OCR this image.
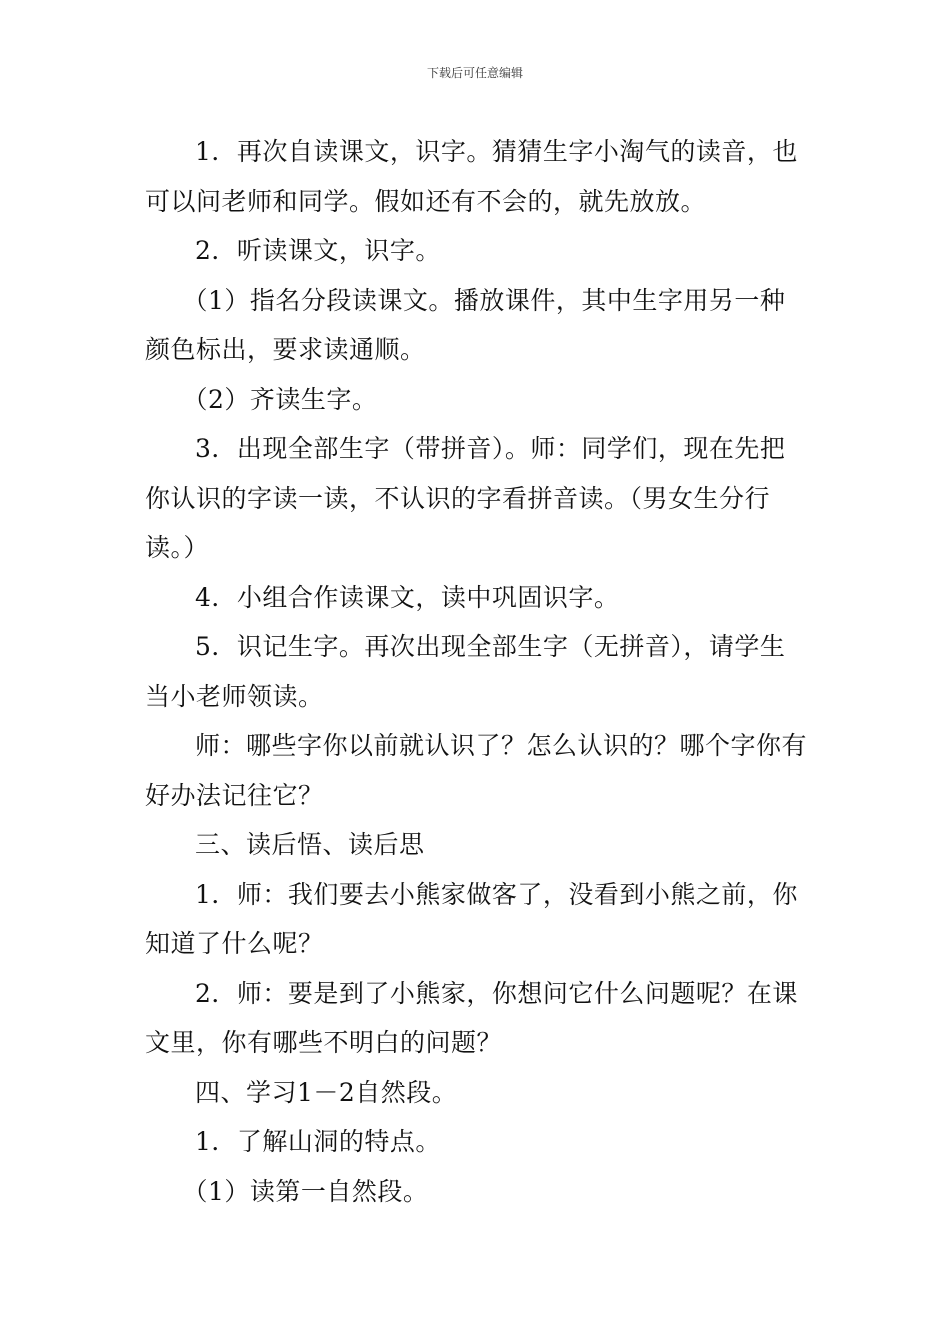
下载后可任意编辑

1．再次自读课文，识字。猜猜生字小淘气的读音，也可以问老师和同学。假如还有不会的，就先放放。

2．听读课文，识字。

（1）指名分段读课文。播放课件，其中生字用另一种颜色标出，要求读通顺。

（2）齐读生字。

3．出现全部生字（带拼音）。师：同学们，现在先把你认识的字读一读，不认识的字看拼音读。（男女生分行读。）

4．小组合作读课文，读中巩固识字。

5．识记生字。再次出现全部生字（无拼音），请学生当小老师领读。

师：哪些字你以前就认识了？怎么认识的？哪个字你有好办法记往它？

三、读后悟、读后思

1．师：我们要去小熊家做客了，没看到小熊之前，你知道了什么呢？

2．师：要是到了小熊家，你想问它什么问题呢？在课文里，你有哪些不明白的问题？

四、学习1－2自然段。

1．了解山洞的特点。

（1）读第一自然段。
